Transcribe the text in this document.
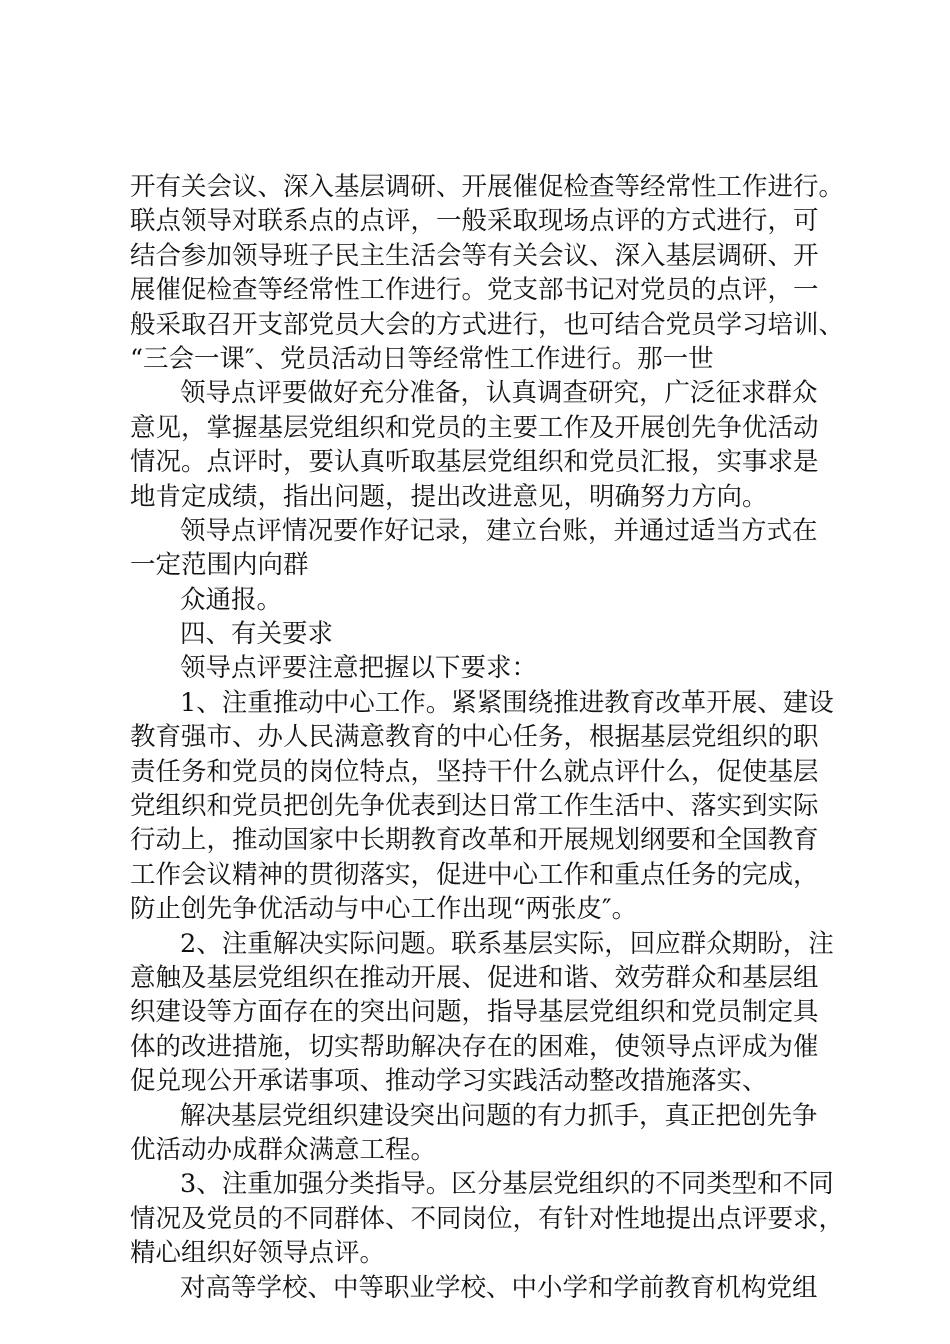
开有关会议、深入基层调研、开展催促检查等经常性工作进行。
联点领导对联系点的点评，一般采取现场点评的方式进行，可
结合参加领导班子民主生活会等有关会议、深入基层调研、开
展催促检查等经常性工作进行。党支部书记对党员的点评，一
般采取召开支部党员大会的方式进行，也可结合党员学习培训、
“三会一课″、党员活动日等经常性工作进行。那一世
领导点评要做好充分准备，认真调查研究，广泛征求群众
意见，掌握基层党组织和党员的主要工作及开展创先争优活动
情况。点评时，要认真听取基层党组织和党员汇报，实事求是
地肯定成绩，指出问题，提出改进意见，明确努力方向。
领导点评情况要作好记录，建立台账，并通过适当方式在
一定范围内向群
众通报。
四、有关要求
领导点评要注意把握以下要求：
1、注重推动中心工作。紧紧围绕推进教育改革开展、建设
教育强市、办人民满意教育的中心任务，根据基层党组织的职
责任务和党员的岗位特点，坚持干什么就点评什么，促使基层
党组织和党员把创先争优表到达日常工作生活中、落实到实际
行动上，推动国家中长期教育改革和开展规划纲要和全国教育
工作会议精神的贯彻落实，促进中心工作和重点任务的完成，
防止创先争优活动与中心工作出现“两张皮″。
2、注重解决实际问题。联系基层实际，回应群众期盼，注
意触及基层党组织在推动开展、促进和谐、效劳群众和基层组
织建设等方面存在的突出问题，指导基层党组织和党员制定具
体的改进措施，切实帮助解决存在的困难，使领导点评成为催
促兑现公开承诺事项、推动学习实践活动整改措施落实、
解决基层党组织建设突出问题的有力抓手，真正把创先争
优活动办成群众满意工程。
3、注重加强分类指导。区分基层党组织的不同类型和不同
情况及党员的不同群体、不同岗位，有针对性地提出点评要求，
精心组织好领导点评。
对高等学校、中等职业学校、中小学和学前教育机构党组
